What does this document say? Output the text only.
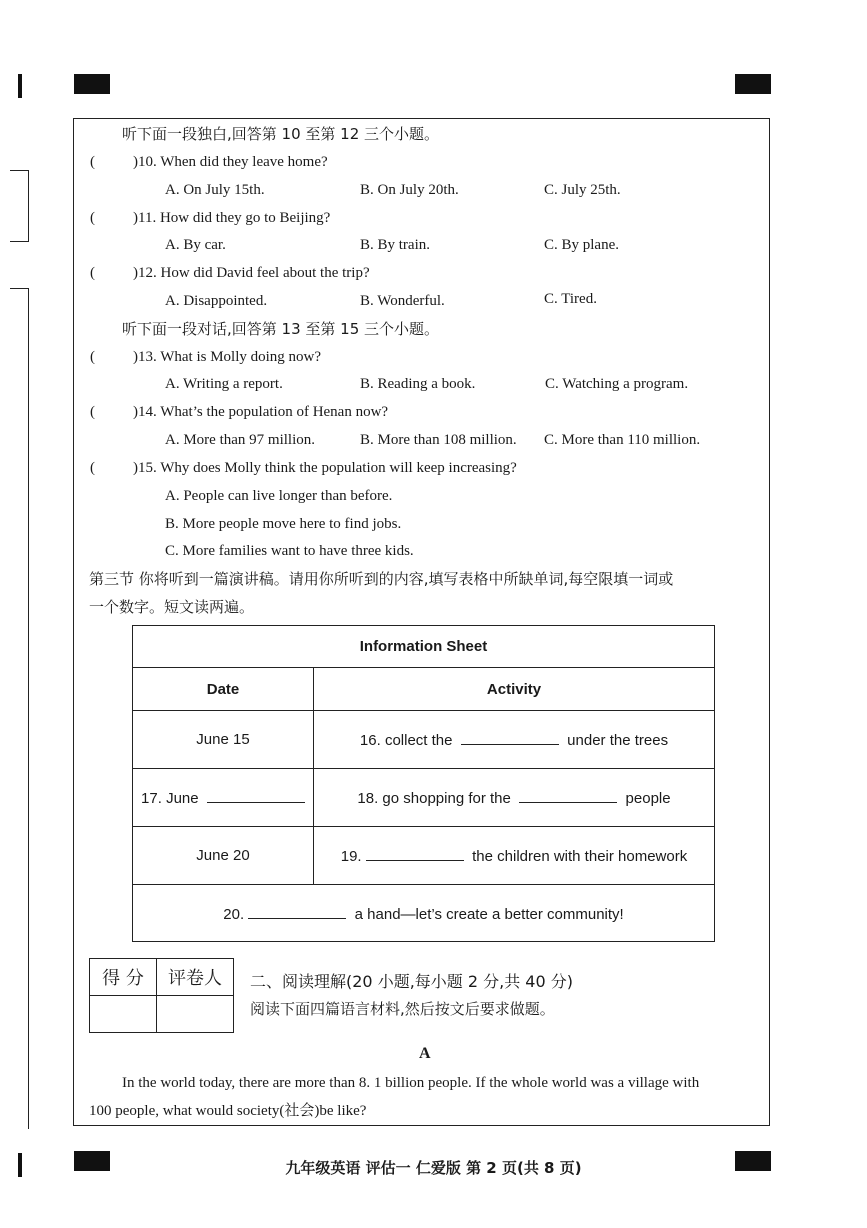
听下面一段独白,回答第 10 至第 12 三个小题。
(	)10. When did they leave home?
A. On July 15th.	B. On July 20th.	C. July 25th.
(	)11. How did they go to Beijing?
A. By car.	B. By train.	C. By plane.
(	)12. How did David feel about the trip?
A. Disappointed.	B. Wonderful.	C. Tired.
听下面一段对话,回答第 13 至第 15 三个小题。
(	)13. What is Molly doing now?
A. Writing a report.	B. Reading a book.	C. Watching a program.
(	)14. What’s the population of Henan now?
A. More than 97 million.	B. More than 108 million. C. More than 110 million.
(	)15. Why does Molly think the population will keep increasing?
A. People can live longer than before.
B. More people move here to find jobs.
C. More families want to have three kids.
第三节 你将听到一篇演讲稿。请用你所听到的内容,填写表格中所缺单词,每空限填一词或
一个数字。短文读两遍。
Information Sheet	
Date	Activity
June 15	16. collect the under the trees
17. June	18. go shopping for the people
June 20	19. the children with their homework
20. a hand—let’s create a better community!	
得 分	评卷人
	二、阅读理解(20 小题,每小题 2 分,共 40 分)
阅读下面四篇语言材料,然后按文后要求做题。
A
In the world today, there are more than 8. 1 billion people. If the whole world was a village with
100 people, what would society(社会)be like?
九年级英语 评估一 仁爱版 第 2 页(共 8 页)
